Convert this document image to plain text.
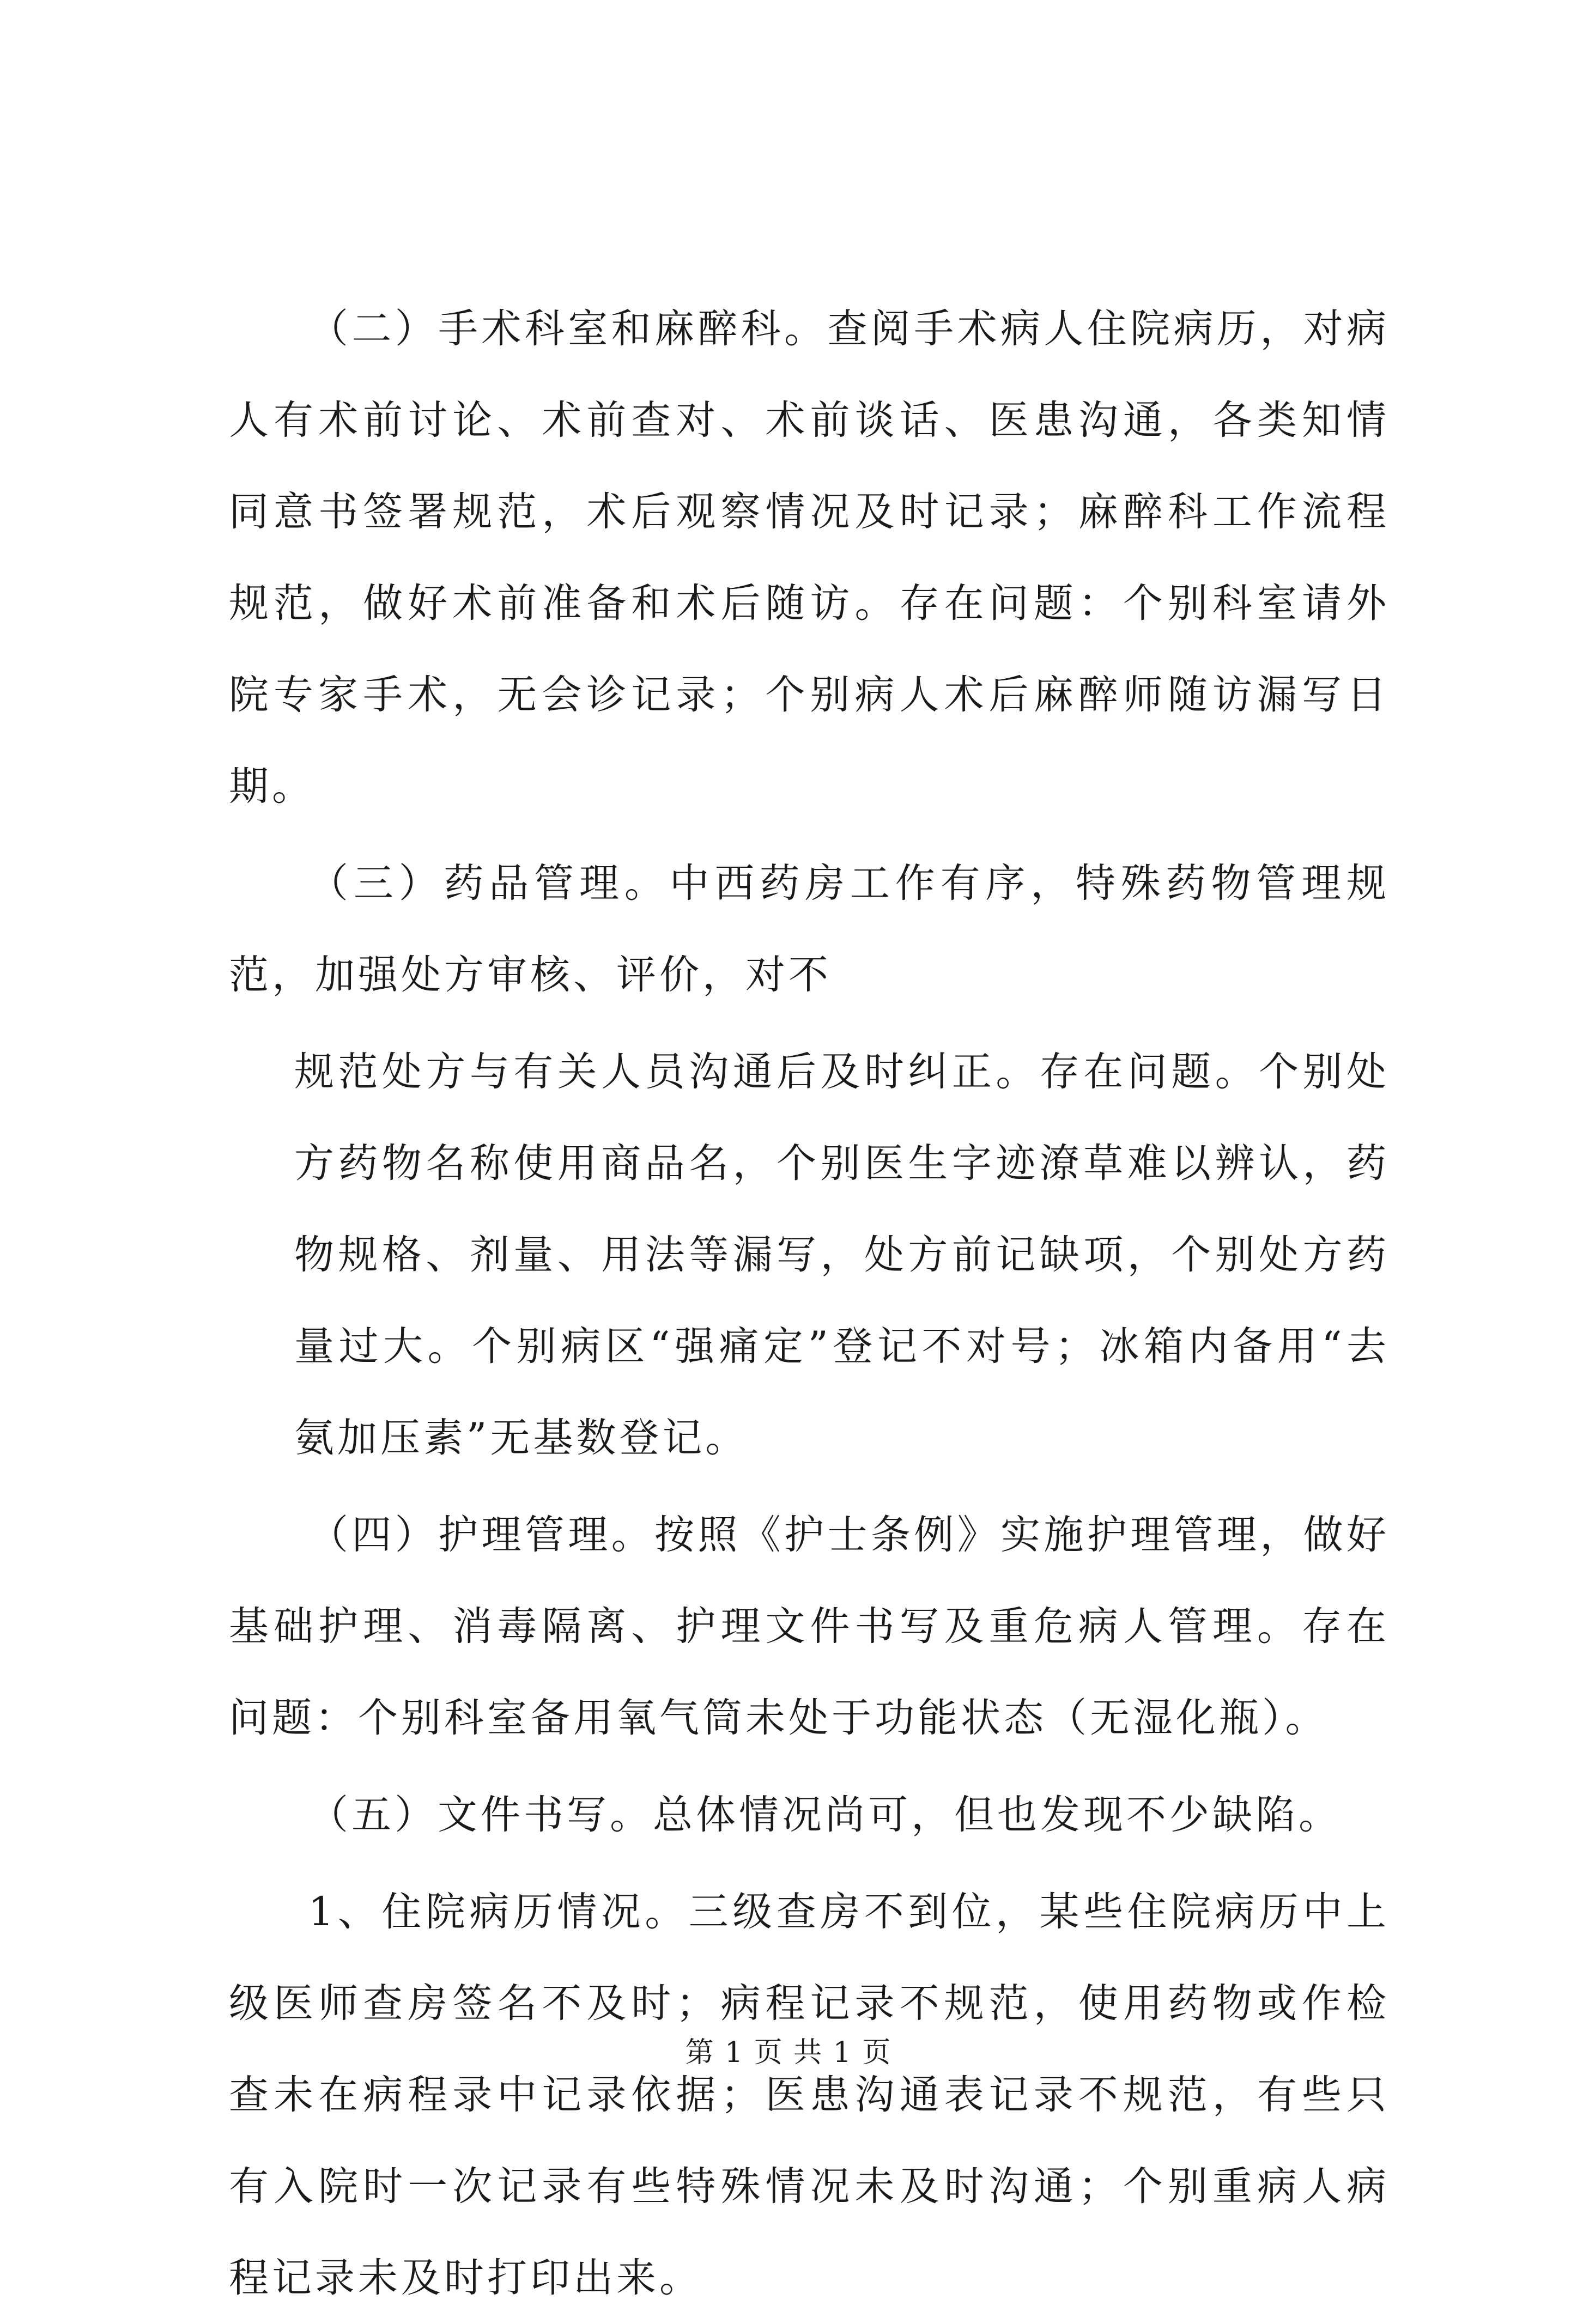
（二）手术科室和麻醉科。查阅手术病人住院病历，对病人有术前讨论、术前查对、术前谈话、医患沟通，各类知情同意书签署规范，术后观察情况及时记录；麻醉科工作流程规范，做好术前准备和术后随访。存在问题：个别科室请外院专家手术，无会诊记录；个别病人术后麻醉师随访漏写日期。

（三）药品管理。中西药房工作有序，特殊药物管理规范，加强处方审核、评价，对不

规范处方与有关人员沟通后及时纠正。存在问题。个别处方药物名称使用商品名，个别医生字迹潦草难以辨认，药物规格、剂量、用法等漏写，处方前记缺项，个别处方药量过大。个别病区“强痛定”登记不对号；冰箱内备用“去氨加压素”无基数登记。

（四）护理管理。按照《护士条例》实施护理管理，做好基础护理、消毒隔离、护理文件书写及重危病人管理。存在问题：个别科室备用氧气筒未处于功能状态（无湿化瓶）。

（五）文件书写。总体情况尚可，但也发现不少缺陷。

1、住院病历情况。三级查房不到位，某些住院病历中上级医师查房签名不及时；病程记录不规范，使用药物或作检查未在病程录中记录依据；医患沟通表记录不规范，有些只有入院时一次记录有些特殊情况未及时沟通；个别重病人病程记录未及时打印出来。

第 1 页 共 1 页
